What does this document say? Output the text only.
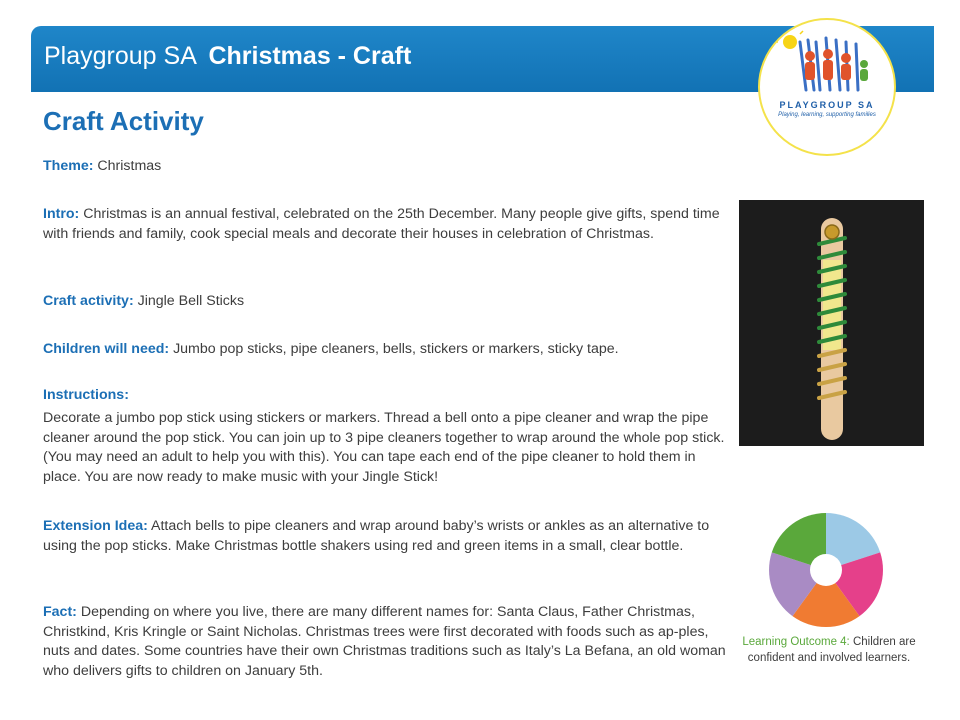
Playgroup SA Christmas - Craft
PLAYGROUP SA
Playing, learning, supporting families
Craft Activity

Theme: Christmas

Intro: Christmas is an annual festival, celebrated on the 25th December. Many people give gifts, spend time with friends and family, cook special meals and decorate their houses in celebration of Christmas.

Craft activity: Jingle Bell Sticks

Children will need: Jumbo pop sticks, pipe cleaners, bells, stickers or markers, sticky tape.

Instructions:

Decorate a jumbo pop stick using stickers or markers. Thread a bell onto a pipe cleaner and wrap the pipe cleaner around the pop stick. You can join up to 3 pipe cleaners together to wrap around the whole pop stick. (You may need an adult to help you with this). You can tape each end of the pipe cleaner to hold them in place. You are now ready to make music with your Jingle Stick!

Extension Idea: Attach bells to pipe cleaners and wrap around baby’s wrists or ankles as an alternative to using the pop sticks. Make Christmas bottle shakers using red and green items in a small, clear bottle.

Fact: Depending on where you live, there are many different names for: Santa Claus, Father Christmas, Christkind, Kris Kringle or Saint Nicholas. Christmas trees were first decorated with foods such as ap-ples, nuts and dates. Some countries have their own Christmas traditions such as Italy’s La Befana, an old woman who delivers gifts to children on January 5th.

Learning Outcome 4: Children are confident and involved learners.
